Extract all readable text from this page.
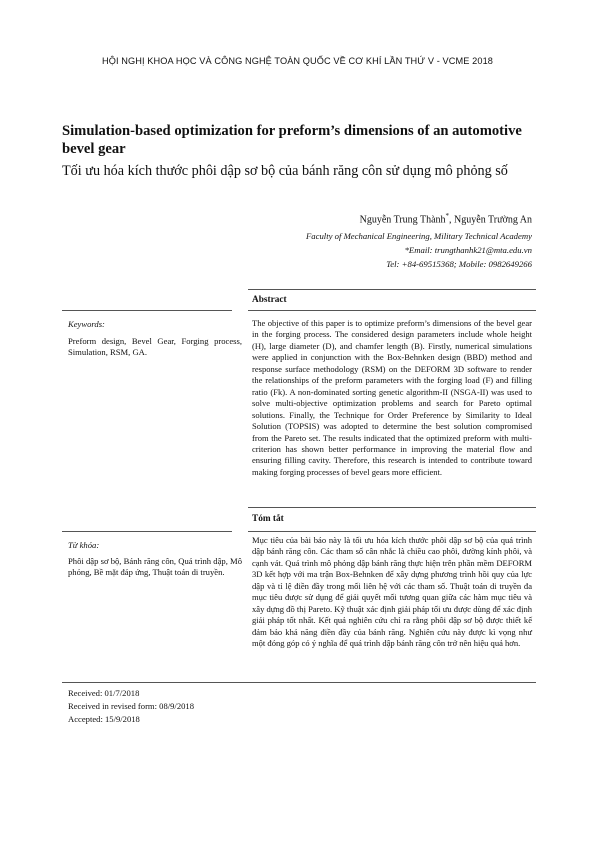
HỘI NGHỊ KHOA HỌC VÀ CÔNG NGHỆ TOÀN QUỐC VỀ CƠ KHÍ LẦN THỨ V - VCME 2018
Simulation-based optimization for preform’s dimensions of an automotive bevel gear
Tối ưu hóa kích thước phôi dập sơ bộ của bánh răng côn sử dụng mô phỏng số
Nguyễn Trung Thành*, Nguyễn Trường An
Faculty of Mechanical Engineering, Military Technical Academy
*Email: trungthanhk21@mta.edu.vn
Tel: +84-69515368; Mobile: 0982649266
Abstract
Keywords:
Preform design, Bevel Gear, Forging process, Simulation, RSM, GA.
The objective of this paper is to optimize preform’s dimensions of the bevel gear in the forging process. The considered design parameters include whole height (H), large diameter (D), and chamfer length (B). Firstly, numerical simulations were applied in conjunction with the Box-Behnken design (BBD) method and response surface methodology (RSM) on the DEFORM 3D software to render the relationships of the preform parameters with the forging load (F) and filling ratio (Fk). A non-dominated sorting genetic algorithm-II (NSGA-II) was used to solve multi-objective optimization problems and search for Pareto optimal solutions. Finally, the Technique for Order Preference by Similarity to Ideal Solution (TOPSIS) was adopted to determine the best solution compromised from the Pareto set. The results indicated that the optimized preform with multi-criterion has shown better performance in improving the material flow and ensuring filling cavity. Therefore, this research is intended to contribute toward making forging processes of bevel gears more efficient.
Tóm tắt
Từ khóa:
Phôi dập sơ bộ, Bánh răng côn, Quá trình dập, Mô phỏng, Bề mặt đáp ứng, Thuật toán di truyền.
Mục tiêu của bài báo này là tối ưu hóa kích thước phôi dập sơ bộ của quá trình dập bánh răng côn. Các tham số cân nhắc là chiều cao phôi, đường kính phôi, và cạnh vát. Quá trình mô phỏng dập bánh răng thực hiện trên phần mềm DEFORM 3D kết hợp với ma trận Box-Behnken để xây dựng phương trình hồi quy của lực dập và tỉ lệ điền đầy trong mối liên hệ với các tham số. Thuật toán di truyền đa mục tiêu được sử dụng để giải quyết mối tương quan giữa các hàm mục tiêu và xây dựng đồ thị Pareto. Kỹ thuật xác định giải pháp tối ưu được dùng để xác định giải pháp tốt nhất. Kết quả nghiên cứu chỉ ra rằng phôi dập sơ bộ được thiết kế đảm bảo khả năng điền đầy của bánh răng. Nghiên cứu này được kì vọng như một đóng góp có ý nghĩa để quá trình dập bánh răng côn trở nên hiệu quả hơn.
Received: 01/7/2018
Received in revised form: 08/9/2018
Accepted: 15/9/2018
